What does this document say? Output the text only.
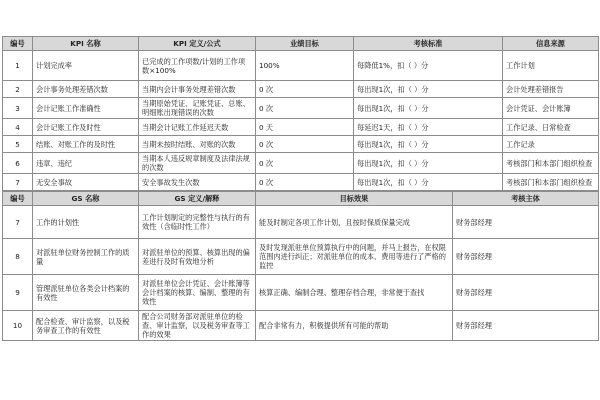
编号	KPI 名称	KPI 定义/公式	业绩目标	考核标准	信息来源
1	计划完成率	已完成的工作项数/计划的工作项数×100%	100%	每降低1%，扣（ ）分	工作计划
2	会计事务处理差错次数	当期内会计事务处理差错次数	0 次	每出现1次，扣（ ）分	会计处理差错报告
3	会计记账工作准确性	当期原始凭证、记账凭证、总账、明细账出现错误的次数	0 次	每出现1次，扣（ ）分	会计凭证、会计账簿
4	会计记账工作及时性	当期会计记账工作延迟天数	0 天	每延迟1天，扣（ ）分	工作记录、日常检查
5	结账、对账工作的及时性	当期未按时结账、对账的次数	0 次	每出现1次，扣（ ）分	工作记录
6	违章、违纪	当期本人违反规章制度及法律法规的次数	0 次	每出现1次，扣（ ）分	考核部门和本部门组织检查
7	无安全事故	安全事故发生次数	0 次	每出现1次，扣（ ）分	考核部门和本部门组织检查
编号	GS 名称	GS 定义/解释	目标效果	考核主体
7	工作的计划性	工作计划制定的完整性与执行的有效性（含临时性工作）	能及时制定各项工作计划，且按时保质保量完成	财务部经理
8	对派驻单位财务控制工作的质量	对派驻单位的预算、核算出现的偏差进行及时有效地分析	及时发现派驻单位预算执行中的问题，并马上报告，在权限范围内进行纠正；对派驻单位的成本、费用等进行了严格的监控	财务部经理
9	管理派驻单位各类会计档案的有效性	对派驻单位会计凭证、会计账簿等会计档案的核算、编制、整理的有效性	核算正确、编制合理、整理存档合理，非常便于查找	财务部经理
10	配合检查、审计监察，以及税务审查工作的有效性	配合公司财务部对派驻单位的检查、审计监察，以及税务审查等工作的效果	配合非常有力，积极提供所有可能的帮助	财务部经理
